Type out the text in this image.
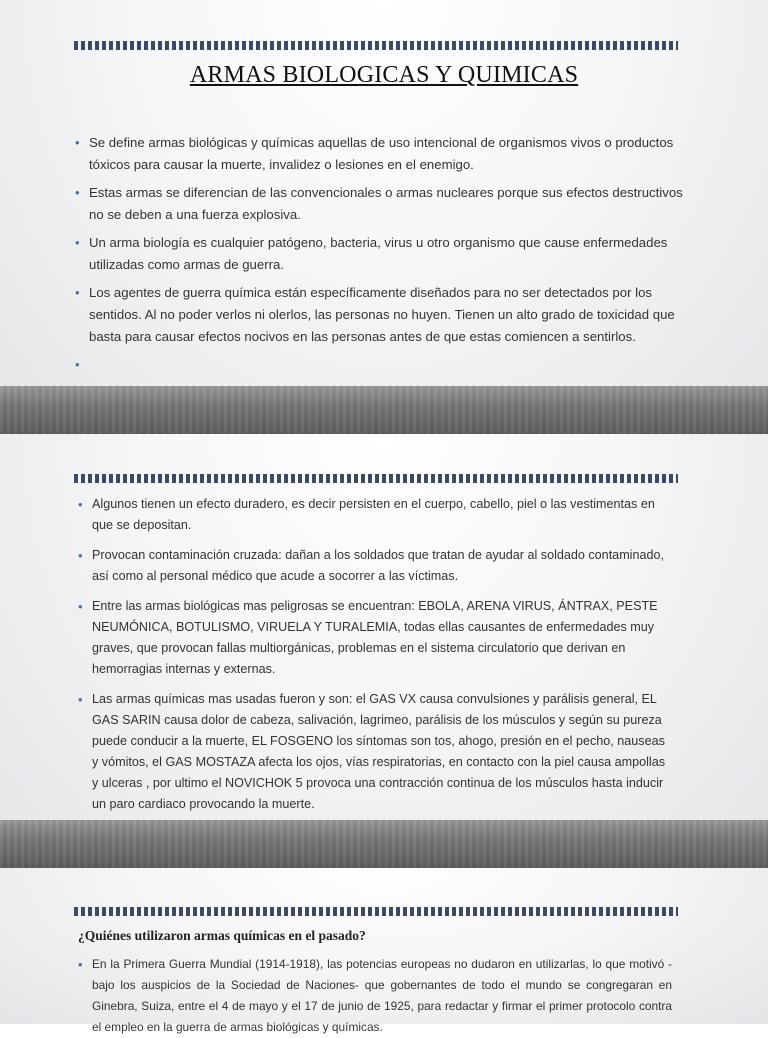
ARMAS BIOLOGICAS Y QUIMICAS
• Se define armas biológicas y químicas aquellas de uso intencional de organismos vivos o productos tóxicos para causar la muerte, invalidez o lesiones en el enemigo.
• Estas armas se diferencian de las convencionales o armas nucleares porque sus efectos destructivos no se deben a una fuerza explosiva.
• Un arma biología es cualquier patógeno, bacteria, virus u otro organismo que cause enfermedades utilizadas como armas de guerra.
• Los agentes de guerra química están específicamente diseñados para no ser detectados por los sentidos. Al no poder verlos ni olerlos, las personas no huyen. Tienen un alto grado de toxicidad que basta para causar efectos nocivos en las personas antes de que estas comiencen a sentirlos.
•
• Algunos tienen un efecto duradero, es decir persisten en el cuerpo, cabello, piel o las vestimentas en que se depositan.
• Provocan contaminación cruzada: dañan a los soldados que tratan de ayudar al soldado contaminado, así como al personal médico que acude a socorrer a las víctimas.
• Entre las armas biológicas mas peligrosas se encuentran: EBOLA, ARENA VIRUS, ÁNTRAX, PESTE NEUMÓNICA, BOTULISMO, VIRUELA Y TURALEMIA, todas ellas causantes de enfermedades muy graves, que provocan fallas multiorgánicas, problemas en el sistema circulatorio que derivan en hemorragias internas y externas.
• Las armas químicas mas usadas fueron y son: el GAS VX causa convulsiones y parálisis general, EL GAS SARIN causa dolor de cabeza, salivación, lagrimeo, parálisis de los músculos y según su pureza puede conducir a la muerte, EL FOSGENO los síntomas son tos, ahogo, presión en el pecho, nauseas y vómitos, el GAS MOSTAZA afecta los ojos, vías respiratorias, en contacto con la piel causa ampollas y ulceras , por ultimo el NOVICHOK 5 provoca una contracción continua de los músculos hasta inducir un paro cardiaco provocando la muerte.
¿Quiénes utilizaron armas químicas en el pasado?
• En la Primera Guerra Mundial (1914-1918), las potencias europeas no dudaron en utilizarlas, lo que motivó -bajo los auspicios de la Sociedad de Naciones- que gobernantes de todo el mundo se congregaran en Ginebra, Suiza, entre el 4 de mayo y el 17 de junio de 1925, para redactar y firmar el primer protocolo contra el empleo en la guerra de armas biológicas y químicas.
